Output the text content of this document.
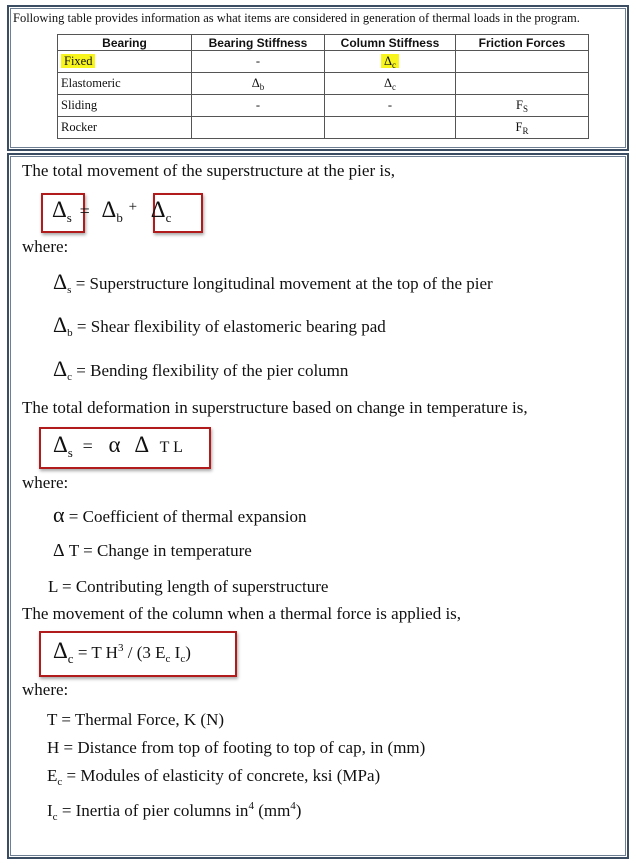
Following table provides information as what items are considered in generation of thermal loads in the program.
Bearing	Bearing Stiffness	Column Stiffness	Friction Forces
Fixed	-	$\Delta_c$	
Elastomeric	$\Delta_b$	$\Delta_c$	
Sliding	-	-	$F_S$
Rocker			$F_R$
The total movement of the superstructure at the pier is,
$\Delta_s = \Delta_b$ + $\Delta_c$
where:
$\Delta_s$ = Superstructure longitudinal movement at the top of the pier
$\Delta_b$ = Shear flexibility of elastomeric bearing pad
$\Delta_c$ = Bending flexibility of the pier column
The total deformation in superstructure based on change in temperature is,
$\Delta_s = \alpha$ Δ T L
where:
α = Coefficient of thermal expansion
Δ T = Change in temperature
L = Contributing length of superstructure
The movement of the column when a thermal force is applied is,
$\Delta_c = T$ $H^3 / (3$ $E_c$ $I_c$)
where:
T = Thermal Force, K (N)
H = Distance from top of footing to top of cap, in (mm)
$E_c$ = Modules of elasticity of concrete, ksi (MPa)
$I_c$ = Inertia of pier columns $in^4$ $(mm^4)$
